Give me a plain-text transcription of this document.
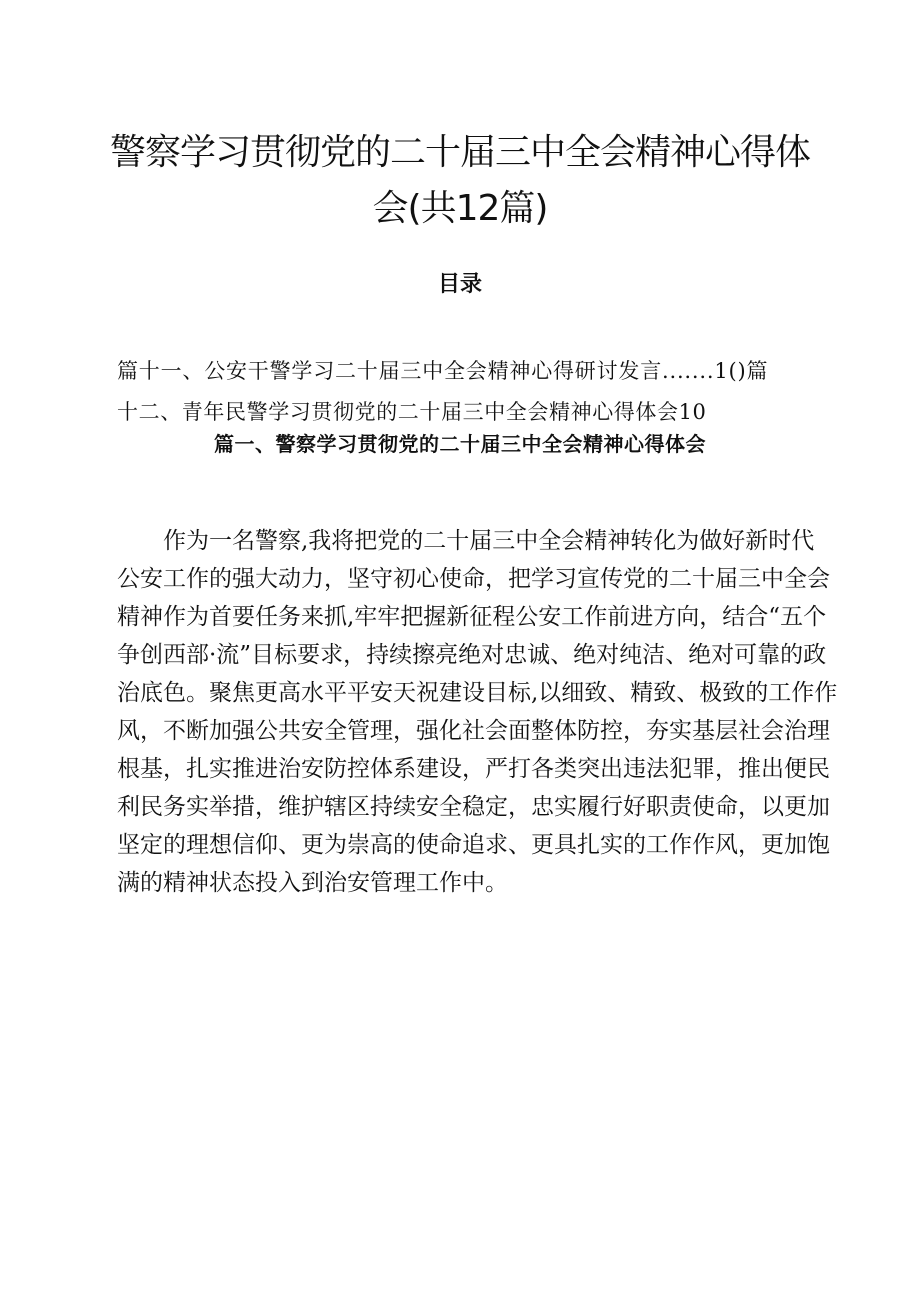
警察学习贯彻党的二十届三中全会精神心得体
会(共12篇)
目录

篇十一、公安干警学习二十届三中全会精神心得研讨发言.......1()篇

十二、青年民警学习贯彻党的二十届三中全会精神心得体会10

篇一、警察学习贯彻党的二十届三中全会精神心得体会
作为一名警察,我将把党的二十届三中全会精神转化为做好新时代
公安工作的强大动力，坚守初心使命，把学习宣传党的二十届三中全会
精神作为首要任务来抓,牢牢把握新征程公安工作前进方向，结合“五个
争创西部·流”目标要求，持续擦亮绝对忠诚、绝对纯洁、绝对可靠的政
治底色。聚焦更高水平平安天祝建设目标,以细致、精致、极致的工作作
风，不断加强公共安全管理，强化社会面整体防控，夯实基层社会治理
根基，扎实推进治安防控体系建设，严打各类突出违法犯罪，推出便民
利民务实举措，维护辖区持续安全稳定，忠实履行好职责使命，以更加
坚定的理想信仰、更为崇高的使命追求、更具扎实的工作作风，更加饱
满的精神状态投入到治安管理工作中。
